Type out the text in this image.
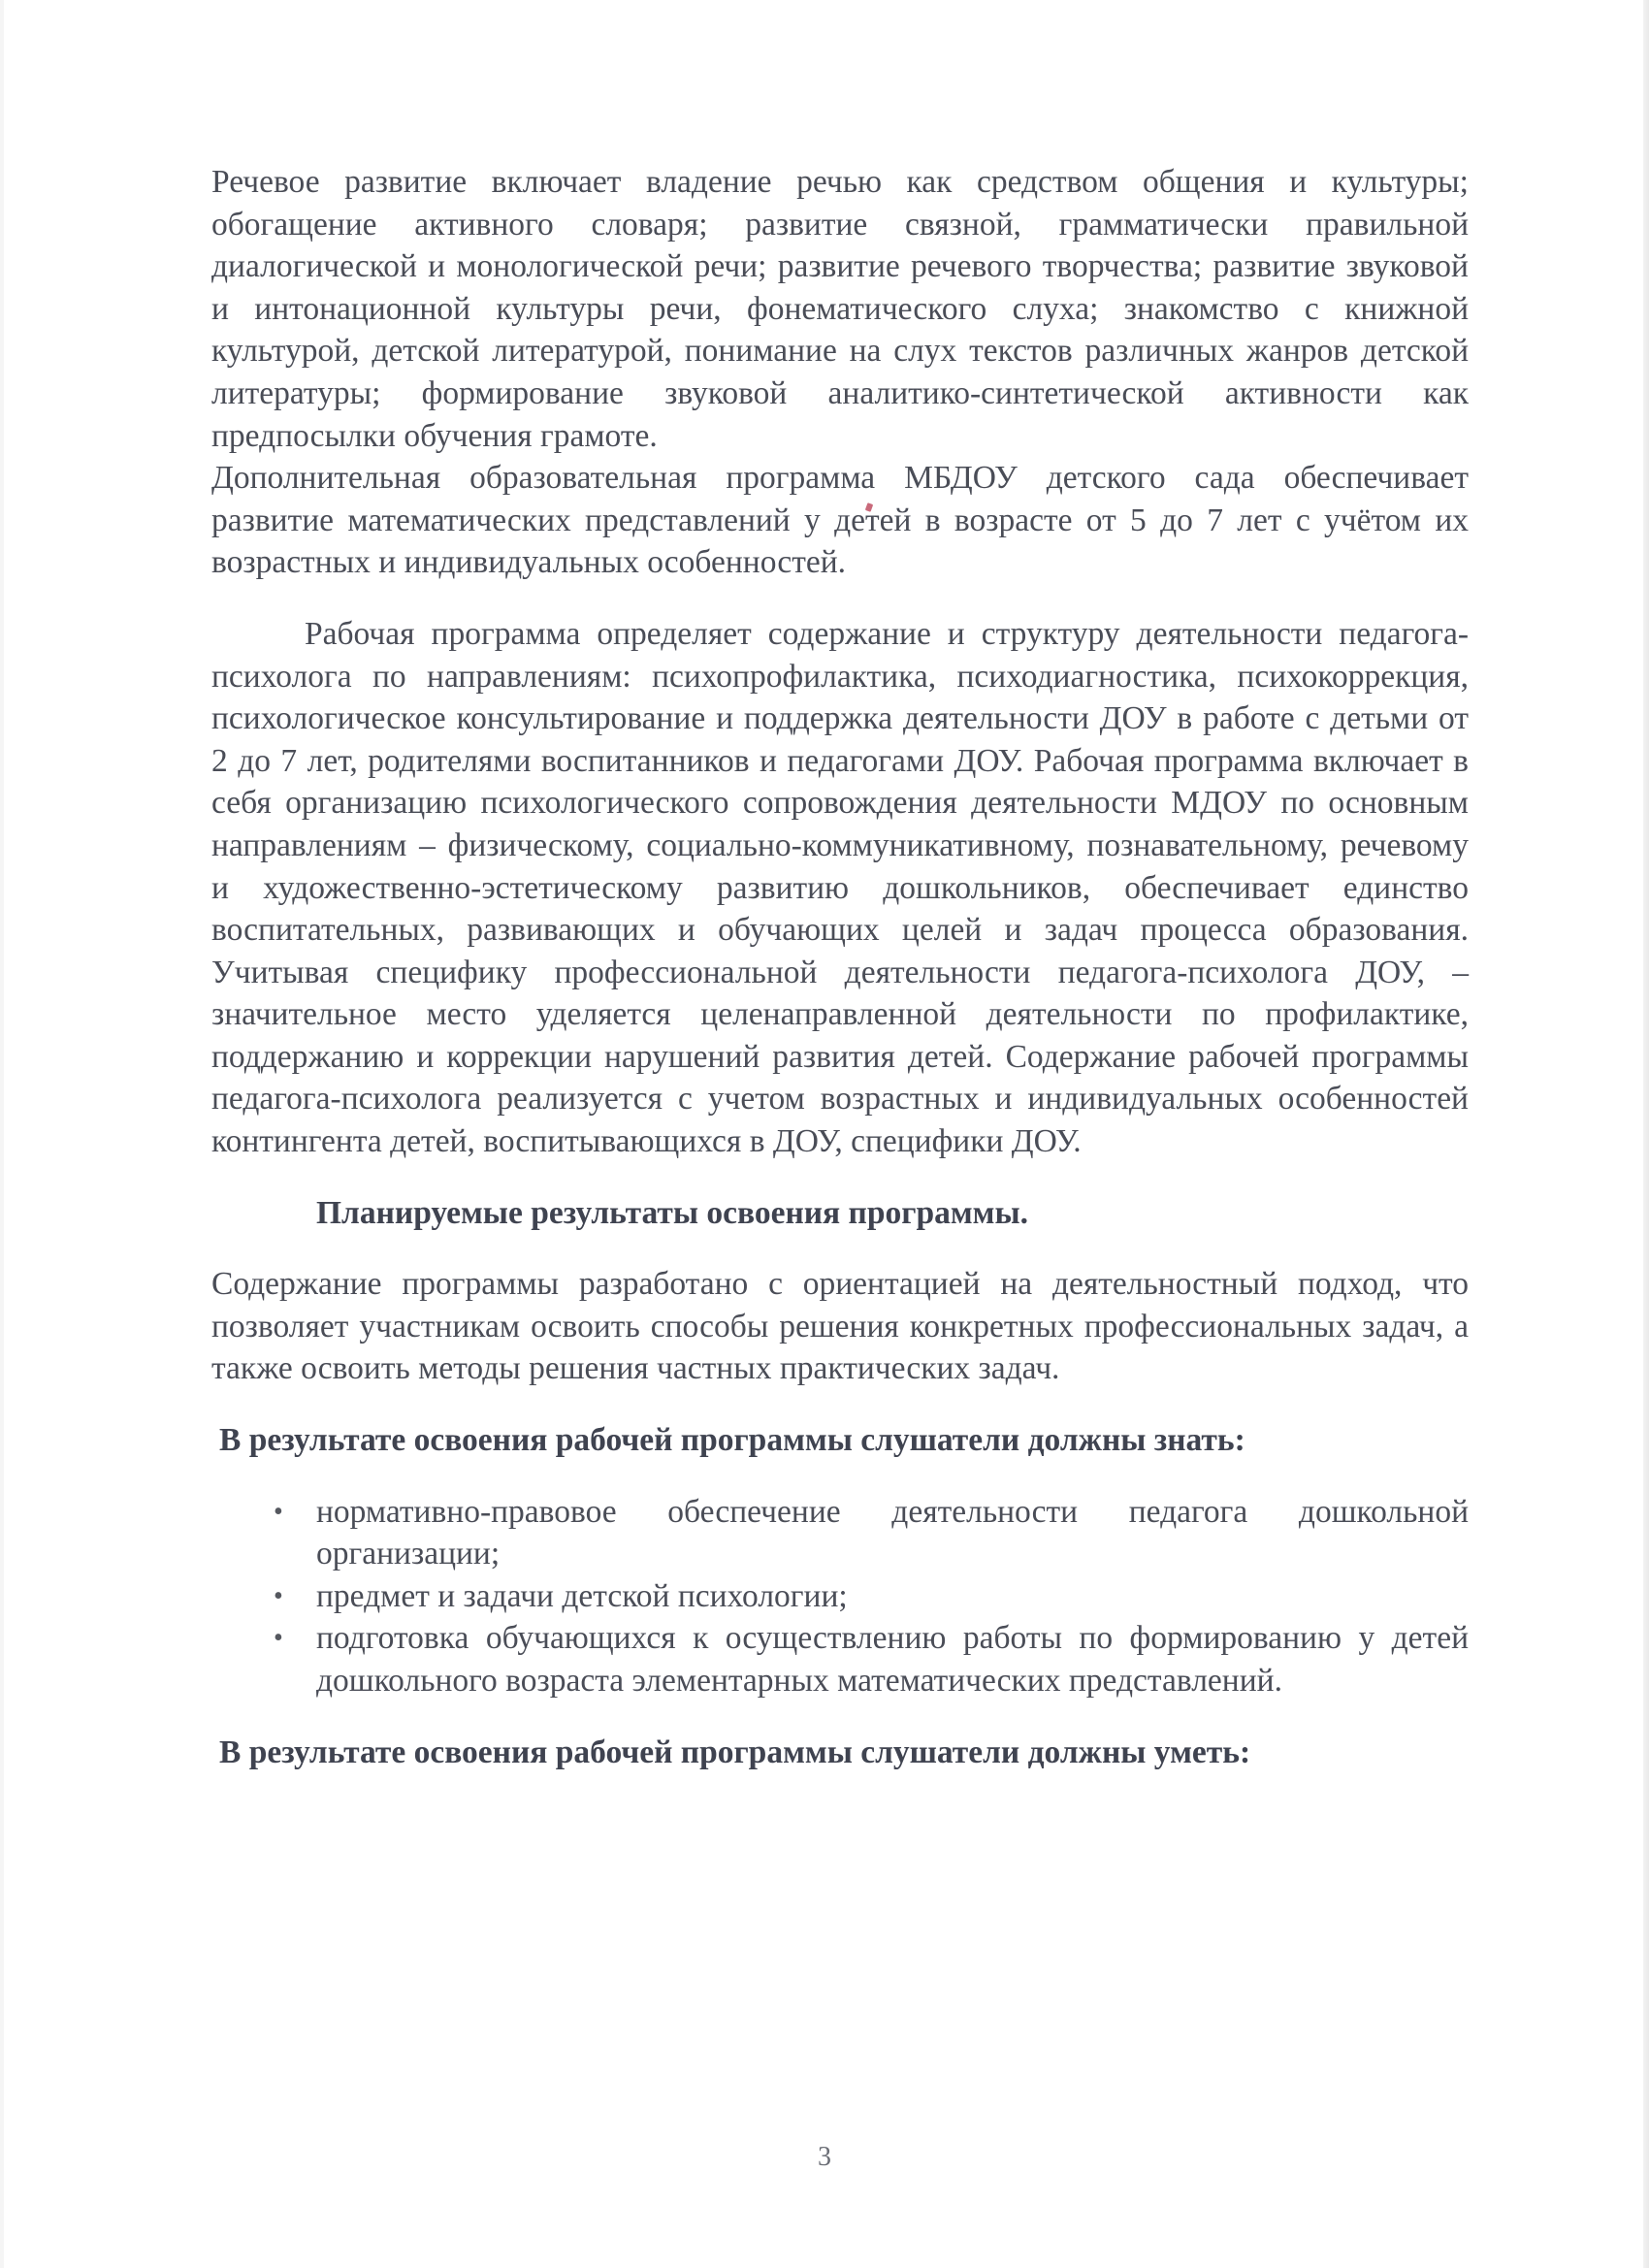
Речевое развитие включает владение речью как средством общения и культуры; обогащение активного словаря; развитие связной, грамматически правильной диалогической и монологической речи; развитие речевого творчества; развитие звуковой и интонационной культуры речи, фонематического слуха; знакомство с книжной культурой, детской литературой, понимание на слух текстов различных жанров детской литературы; формирование звуковой аналитико-синтетической активности как предпосылки обучения грамоте.

Дополнительная образовательная программа МБДОУ детского сада обеспечивает развитие математических представлений у детей в возрасте от 5 до 7 лет с учётом их возрастных и индивидуальных особенностей.

Рабочая программа определяет содержание и структуру деятельности педагога-психолога по направлениям: психопрофилактика, психодиагностика, психокоррекция, психологическое консультирование и поддержка деятельности ДОУ в работе с детьми от 2 до 7 лет, родителями воспитанников и педагогами ДОУ. Рабочая программа включает в себя организацию психологического сопровождения деятельности МДОУ по основным направлениям – физическому, социально-коммуникативному, познавательному, речевому и художественно-эстетическому развитию дошкольников, обеспечивает единство воспитательных, развивающих и обучающих целей и задач процесса образования. Учитывая специфику профессиональной деятельности педагога-психолога ДОУ, –значительное место уделяется целенаправленной деятельности по профилактике, поддержанию и коррекции нарушений развития детей. Содержание рабочей программы педагога-психолога реализуется с учетом возрастных и индивидуальных особенностей контингента детей, воспитывающихся в ДОУ, специфики ДОУ.

Планируемые результаты освоения программы.

Содержание программы разработано с ориентацией на деятельностный подход, что позволяет участникам освоить способы решения конкретных профессиональных задач, а также освоить методы решения частных практических задач.

В результате освоения рабочей программы слушатели должны знать:

• нормативно-правовое обеспечение деятельности педагога дошкольной организации;
• предмет и задачи детской психологии;
• подготовка обучающихся к осуществлению работы по формированию у детей дошкольного возраста элементарных математических представлений.

В результате освоения рабочей программы слушатели должны уметь:

3
